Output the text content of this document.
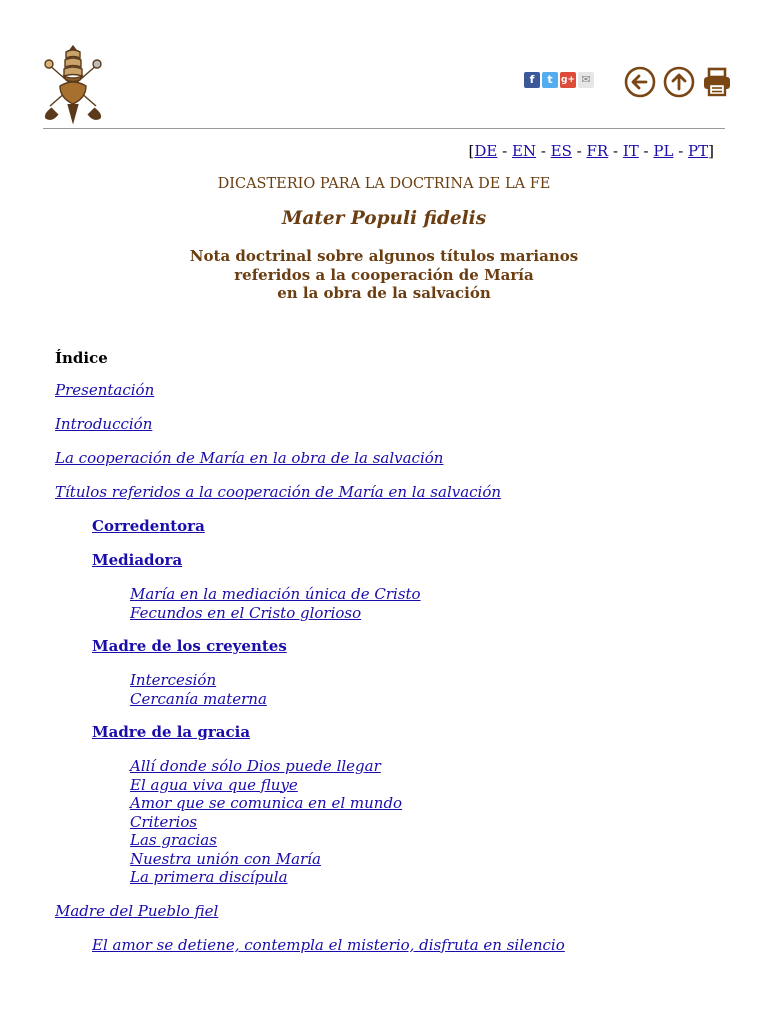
f t g+ ✉

[DE - EN - ES - FR - IT - PL - PT]
DICASTERIO PARA LA DOCTRINA DE LA FE
Mater Populi fidelis
Nota doctrinal sobre algunos títulos marianos
referidos a la cooperación de María
en la obra de la salvación
Índice
Presentación
Introducción
La cooperación de María en la obra de la salvación
Títulos referidos a la cooperación de María en la salvación
Corredentora
Mediadora
María en la mediación única de Cristo
Fecundos en el Cristo glorioso
Madre de los creyentes
Intercesión
Cercanía materna
Madre de la gracia
Allí donde sólo Dios puede llegar
El agua viva que fluye
Amor que se comunica en el mundo
Criterios
Las gracias
Nuestra unión con María
La primera discípula
Madre del Pueblo fiel
El amor se detiene, contempla el misterio, disfruta en silencio
